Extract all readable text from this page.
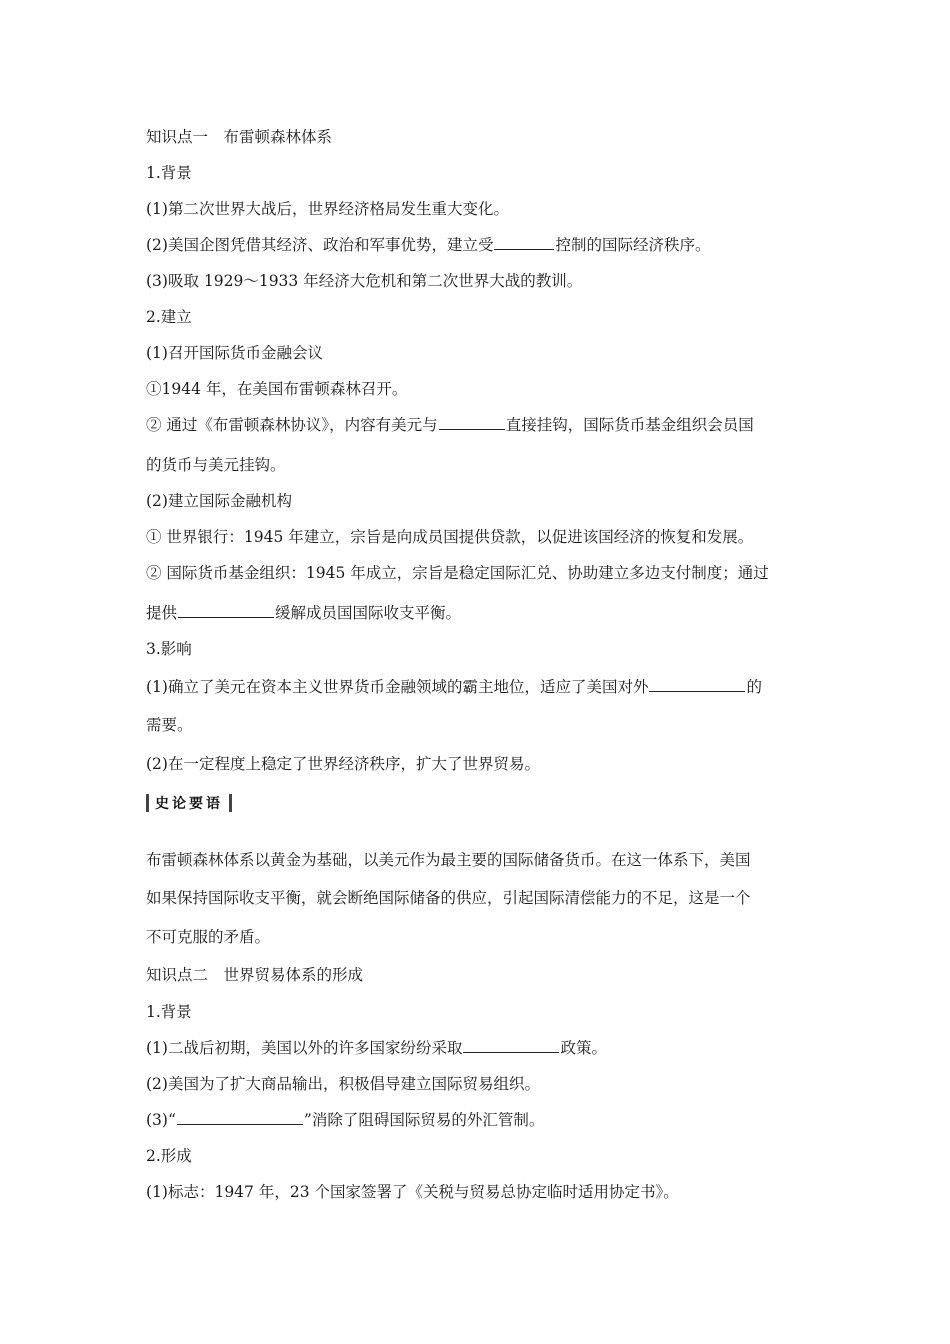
知识点一　布雷顿森林体系
1.背景
(1)第二次世界大战后，世界经济格局发生重大变化。
(2)美国企图凭借其经济、政治和军事优势，建立受	控制的国际经济秩序。
(3)吸取 1929～1933 年经济大危机和第二次世界大战的教训。
2.建立
(1)召开国际货币金融会议
①1944 年，在美国布雷顿森林召开。
② 通过《布雷顿森林协议》，内容有美元与	直接挂钩，国际货币基金组织会员国
的货币与美元挂钩。
(2)建立国际金融机构
① 世界银行：1945 年建立，宗旨是向成员国提供贷款，以促进该国经济的恢复和发展。
② 国际货币基金组织：1945 年成立，宗旨是稳定国际汇兑、协助建立多边支付制度；通过
提供	缓解成员国国际收支平衡。
3.影响
(1)确立了美元在资本主义世界货币金融领域的霸主地位，适应了美国对外	的
需要。
(2)在一定程度上稳定了世界经济秩序，扩大了世界贸易。
史论要语
布雷顿森林体系以黄金为基础，以美元作为最主要的国际储备货币。在这一体系下，美国
如果保持国际收支平衡，就会断绝国际储备的供应，引起国际清偿能力的不足，这是一个
不可克服的矛盾。
知识点二　世界贸易体系的形成
1.背景
(1)二战后初期，美国以外的许多国家纷纷采取	政策。
(2)美国为了扩大商品输出，积极倡导建立国际贸易组织。
(3)“	”消除了阻碍国际贸易的外汇管制。
2.形成
(1)标志：1947 年，23 个国家签署了《关税与贸易总协定临时适用协定书》。
